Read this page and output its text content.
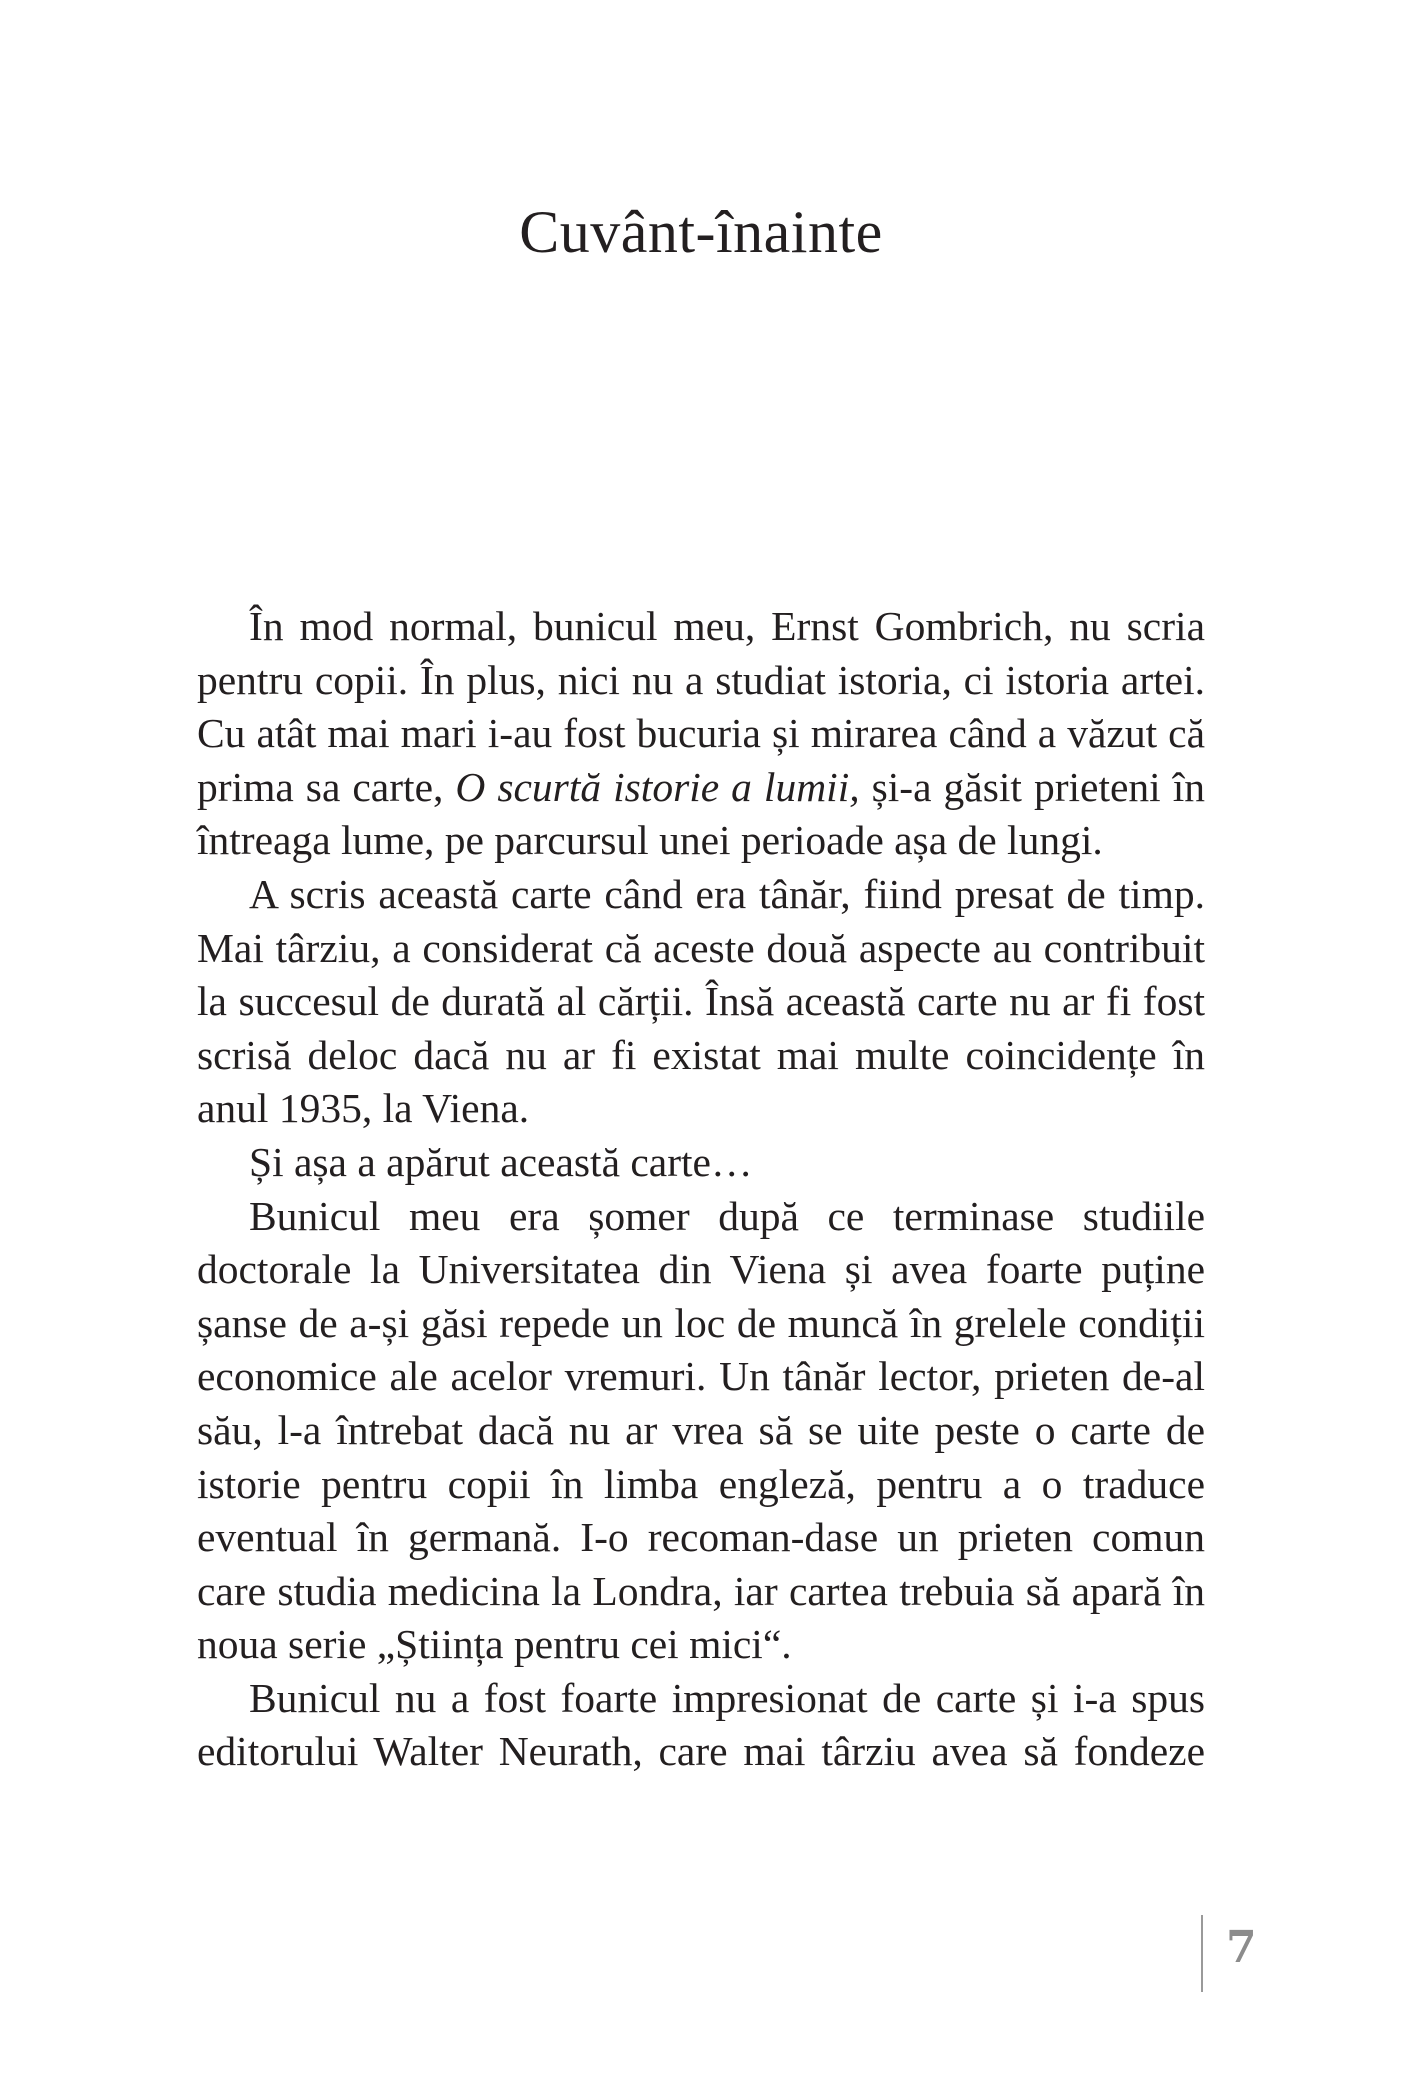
Cuvânt-înainte

În mod normal, bunicul meu, Ernst Gombrich, nu scria pentru copii. În plus, nici nu a studiat istoria, ci istoria artei. Cu atât mai mari i-au fost bucuria și mirarea când a văzut că prima sa carte, O scurtă istorie a lumii, și-a găsit prieteni în întreaga lume, pe parcursul unei perioade așa de lungi.

A scris această carte când era tânăr, fiind presat de timp. Mai târziu, a considerat că aceste două aspecte au contribuit la succesul de durată al cărții. Însă această carte nu ar fi fost scrisă deloc dacă nu ar fi existat mai multe coincidențe în anul 1935, la Viena.

Și așa a apărut această carte…

Bunicul meu era șomer după ce terminase studiile doctorale la Universitatea din Viena și avea foarte puține șanse de a-și găsi repede un loc de muncă în grelele condiții economice ale acelor vremuri. Un tânăr lector, prieten de-al său, l-a întrebat dacă nu ar vrea să se uite peste o carte de istorie pentru copii în limba engleză, pentru a o traduce eventual în germană. I-o recoman-dase un prieten comun care studia medicina la Londra, iar cartea trebuia să apară în noua serie „Știința pentru cei mici“.

Bunicul nu a fost foarte impresionat de carte și i-a spus editorului Walter Neurath, care mai târziu avea să fondeze

7
